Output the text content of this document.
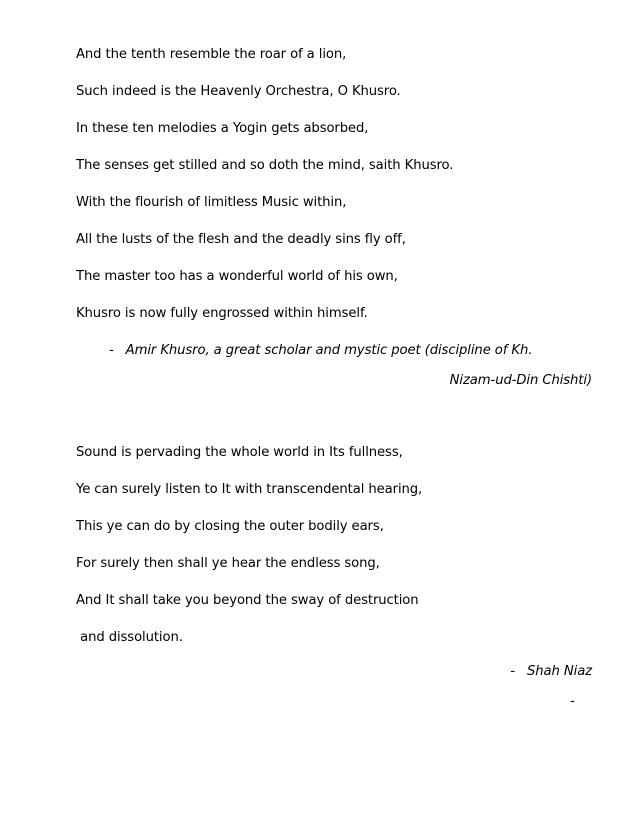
And the tenth resemble the roar of a lion,
Such indeed is the Heavenly Orchestra, O Khusro.
In these ten melodies a Yogin gets absorbed,
The senses get stilled and so doth the mind, saith Khusro.
With the flourish of limitless Music within,
All the lusts of the flesh and the deadly sins fly off,
The master too has a wonderful world of his own,
Khusro is now fully engrossed within himself.
- Amir Khusro, a great scholar and mystic poet (discipline of Kh.
Nizam-ud-Din Chishti)
Sound is pervading the whole world in Its fullness,
Ye can surely listen to It with transcendental hearing,
This ye can do by closing the outer bodily ears,
For surely then shall ye hear the endless song,
And It shall take you beyond the sway of destruction
and dissolution.
- Shah Niaz
-
